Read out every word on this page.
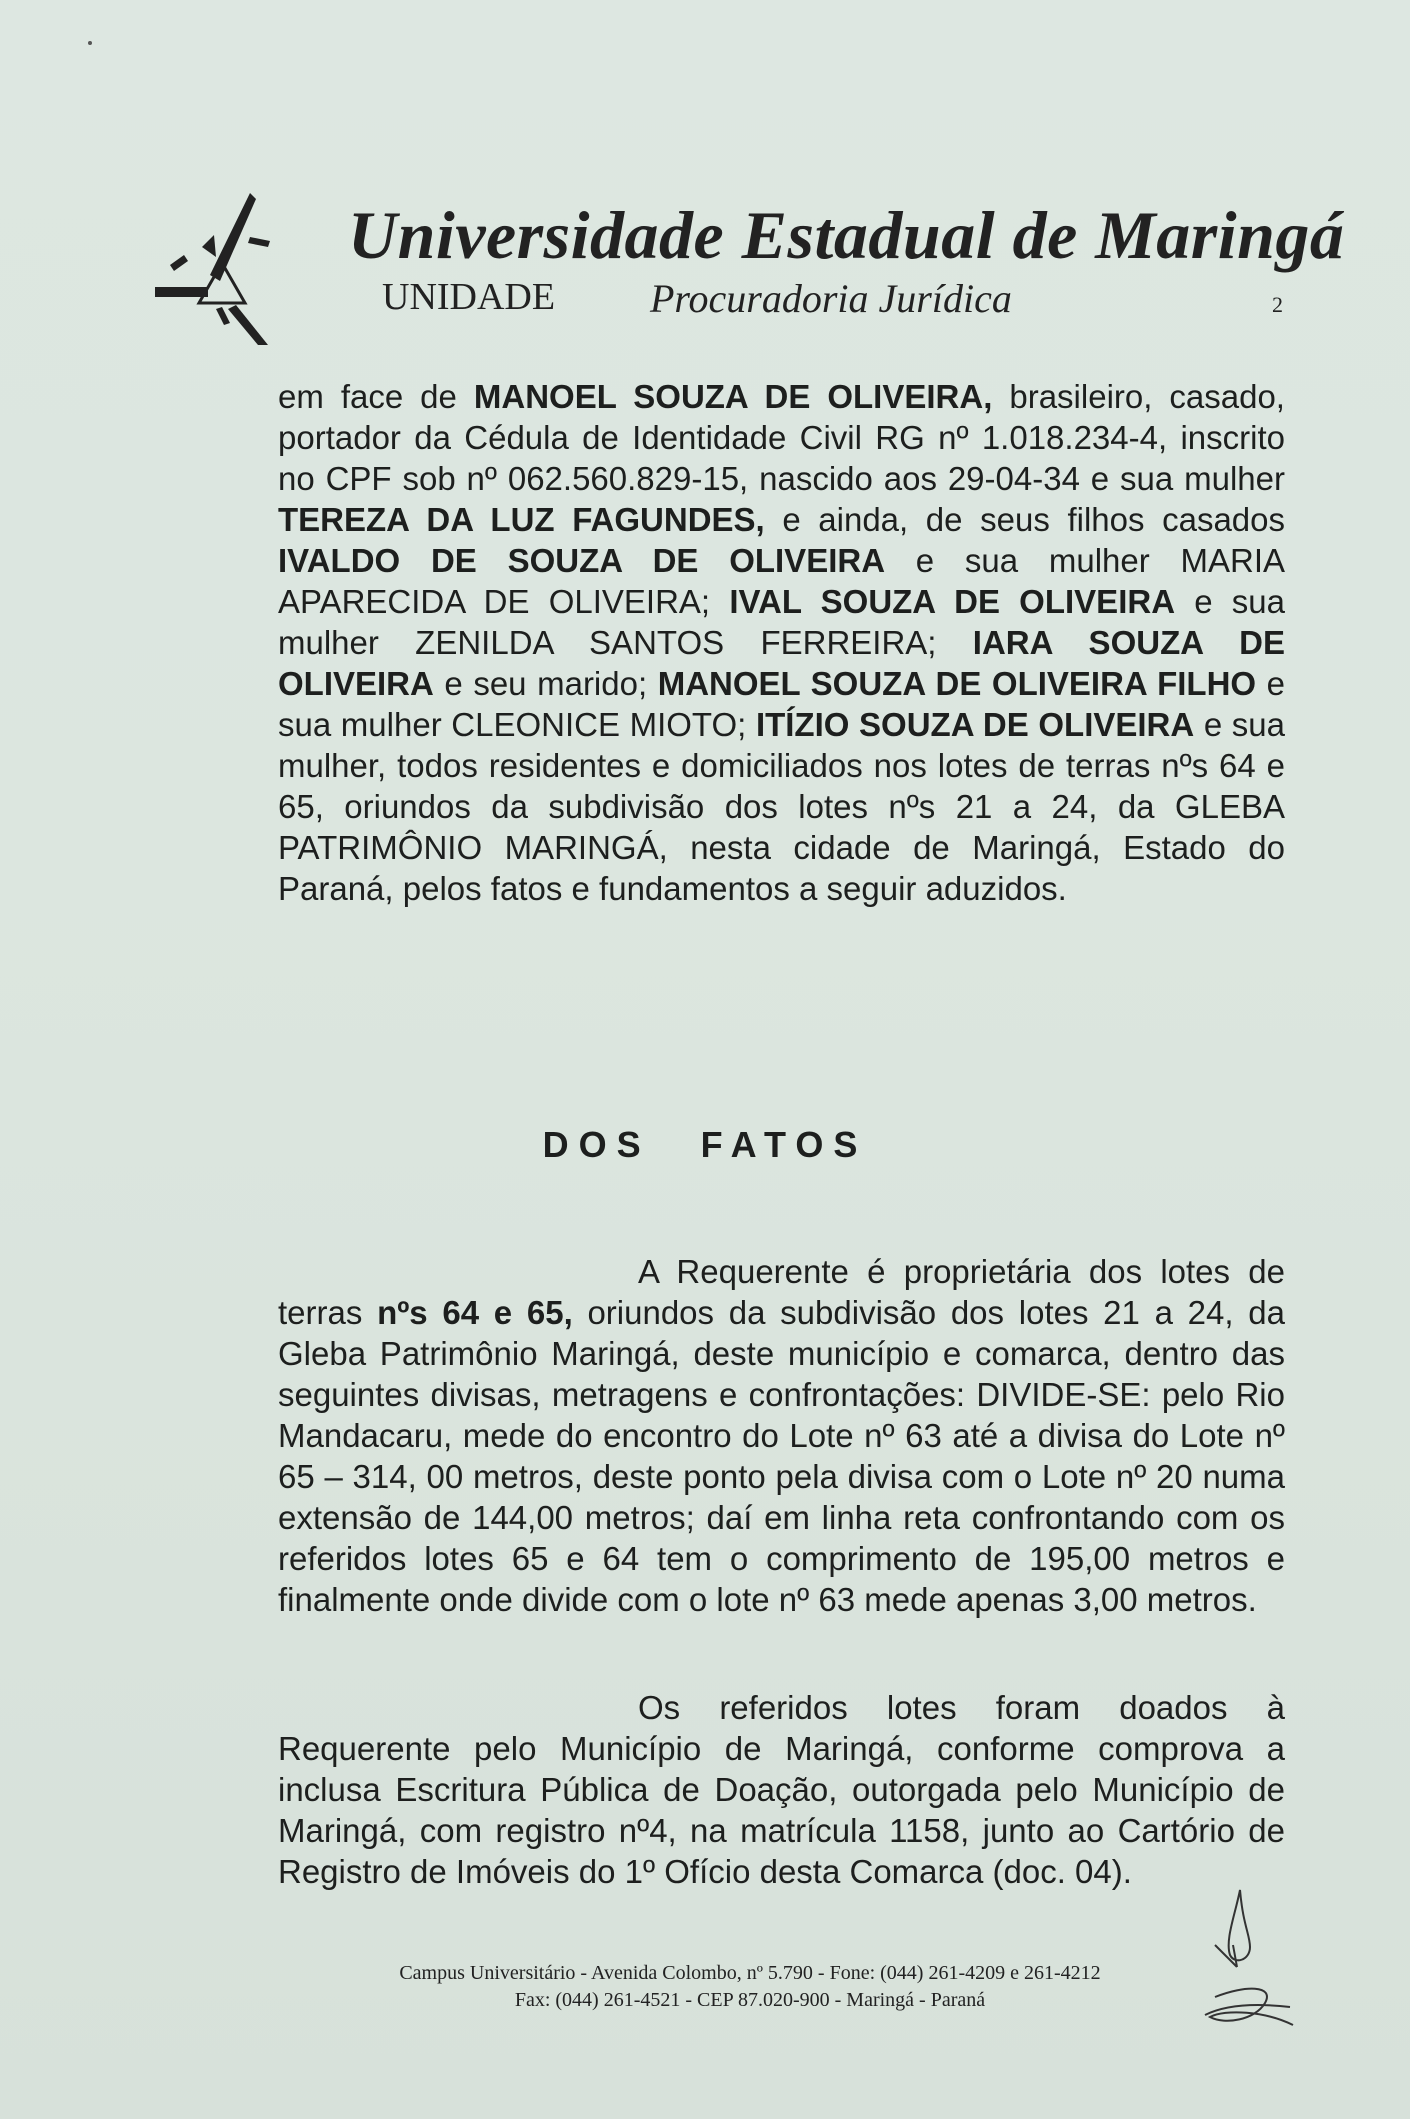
Universidade Estadual de Maringá
UNIDADE Procuradoria Jurídica	2

em face de MANOEL SOUZA DE OLIVEIRA, brasileiro, casado, portador da Cédula de Identidade Civil RG nº 1.018.234-4, inscrito no CPF sob nº 062.560.829-15, nascido aos 29-04-34 e sua mulher TEREZA DA LUZ FAGUNDES, e ainda, de seus filhos casados IVALDO DE SOUZA DE OLIVEIRA e sua mulher MARIA APARECIDA DE OLIVEIRA; IVAL SOUZA DE OLIVEIRA e sua mulher ZENILDA SANTOS FERREIRA; IARA SOUZA DE OLIVEIRA e seu marido; MANOEL SOUZA DE OLIVEIRA FILHO e sua mulher CLEONICE MIOTO; ITÍZIO SOUZA DE OLIVEIRA e sua mulher, todos residentes e domiciliados nos lotes de terras nºs 64 e 65, oriundos da subdivisão dos lotes nºs 21 a 24, da GLEBA PATRIMÔNIO MARINGÁ, nesta cidade de Maringá, Estado do Paraná, pelos fatos e fundamentos a seguir aduzidos.

DOS FATOS

A Requerente é proprietária dos lotes de terras nºs 64 e 65, oriundos da subdivisão dos lotes 21 a 24, da Gleba Patrimônio Maringá, deste município e comarca, dentro das seguintes divisas, metragens e confrontações: DIVIDE-SE: pelo Rio Mandacaru, mede do encontro do Lote nº 63 até a divisa do Lote nº 65 – 314, 00 metros, deste ponto pela divisa com o Lote nº 20 numa extensão de 144,00 metros; daí em linha reta confrontando com os referidos lotes 65 e 64 tem o comprimento de 195,00 metros e finalmente onde divide com o lote nº 63 mede apenas 3,00 metros.

Os referidos lotes foram doados à Requerente pelo Município de Maringá, conforme comprova a inclusa Escritura Pública de Doação, outorgada pelo Município de Maringá, com registro nº4, na matrícula 1158, junto ao Cartório de Registro de Imóveis do 1º Ofício desta Comarca (doc. 04).

Campus Universitário - Avenida Colombo, nº 5.790 - Fone: (044) 261-4209 e 261-4212
Fax: (044) 261-4521 - CEP 87.020-900 - Maringá - Paraná
